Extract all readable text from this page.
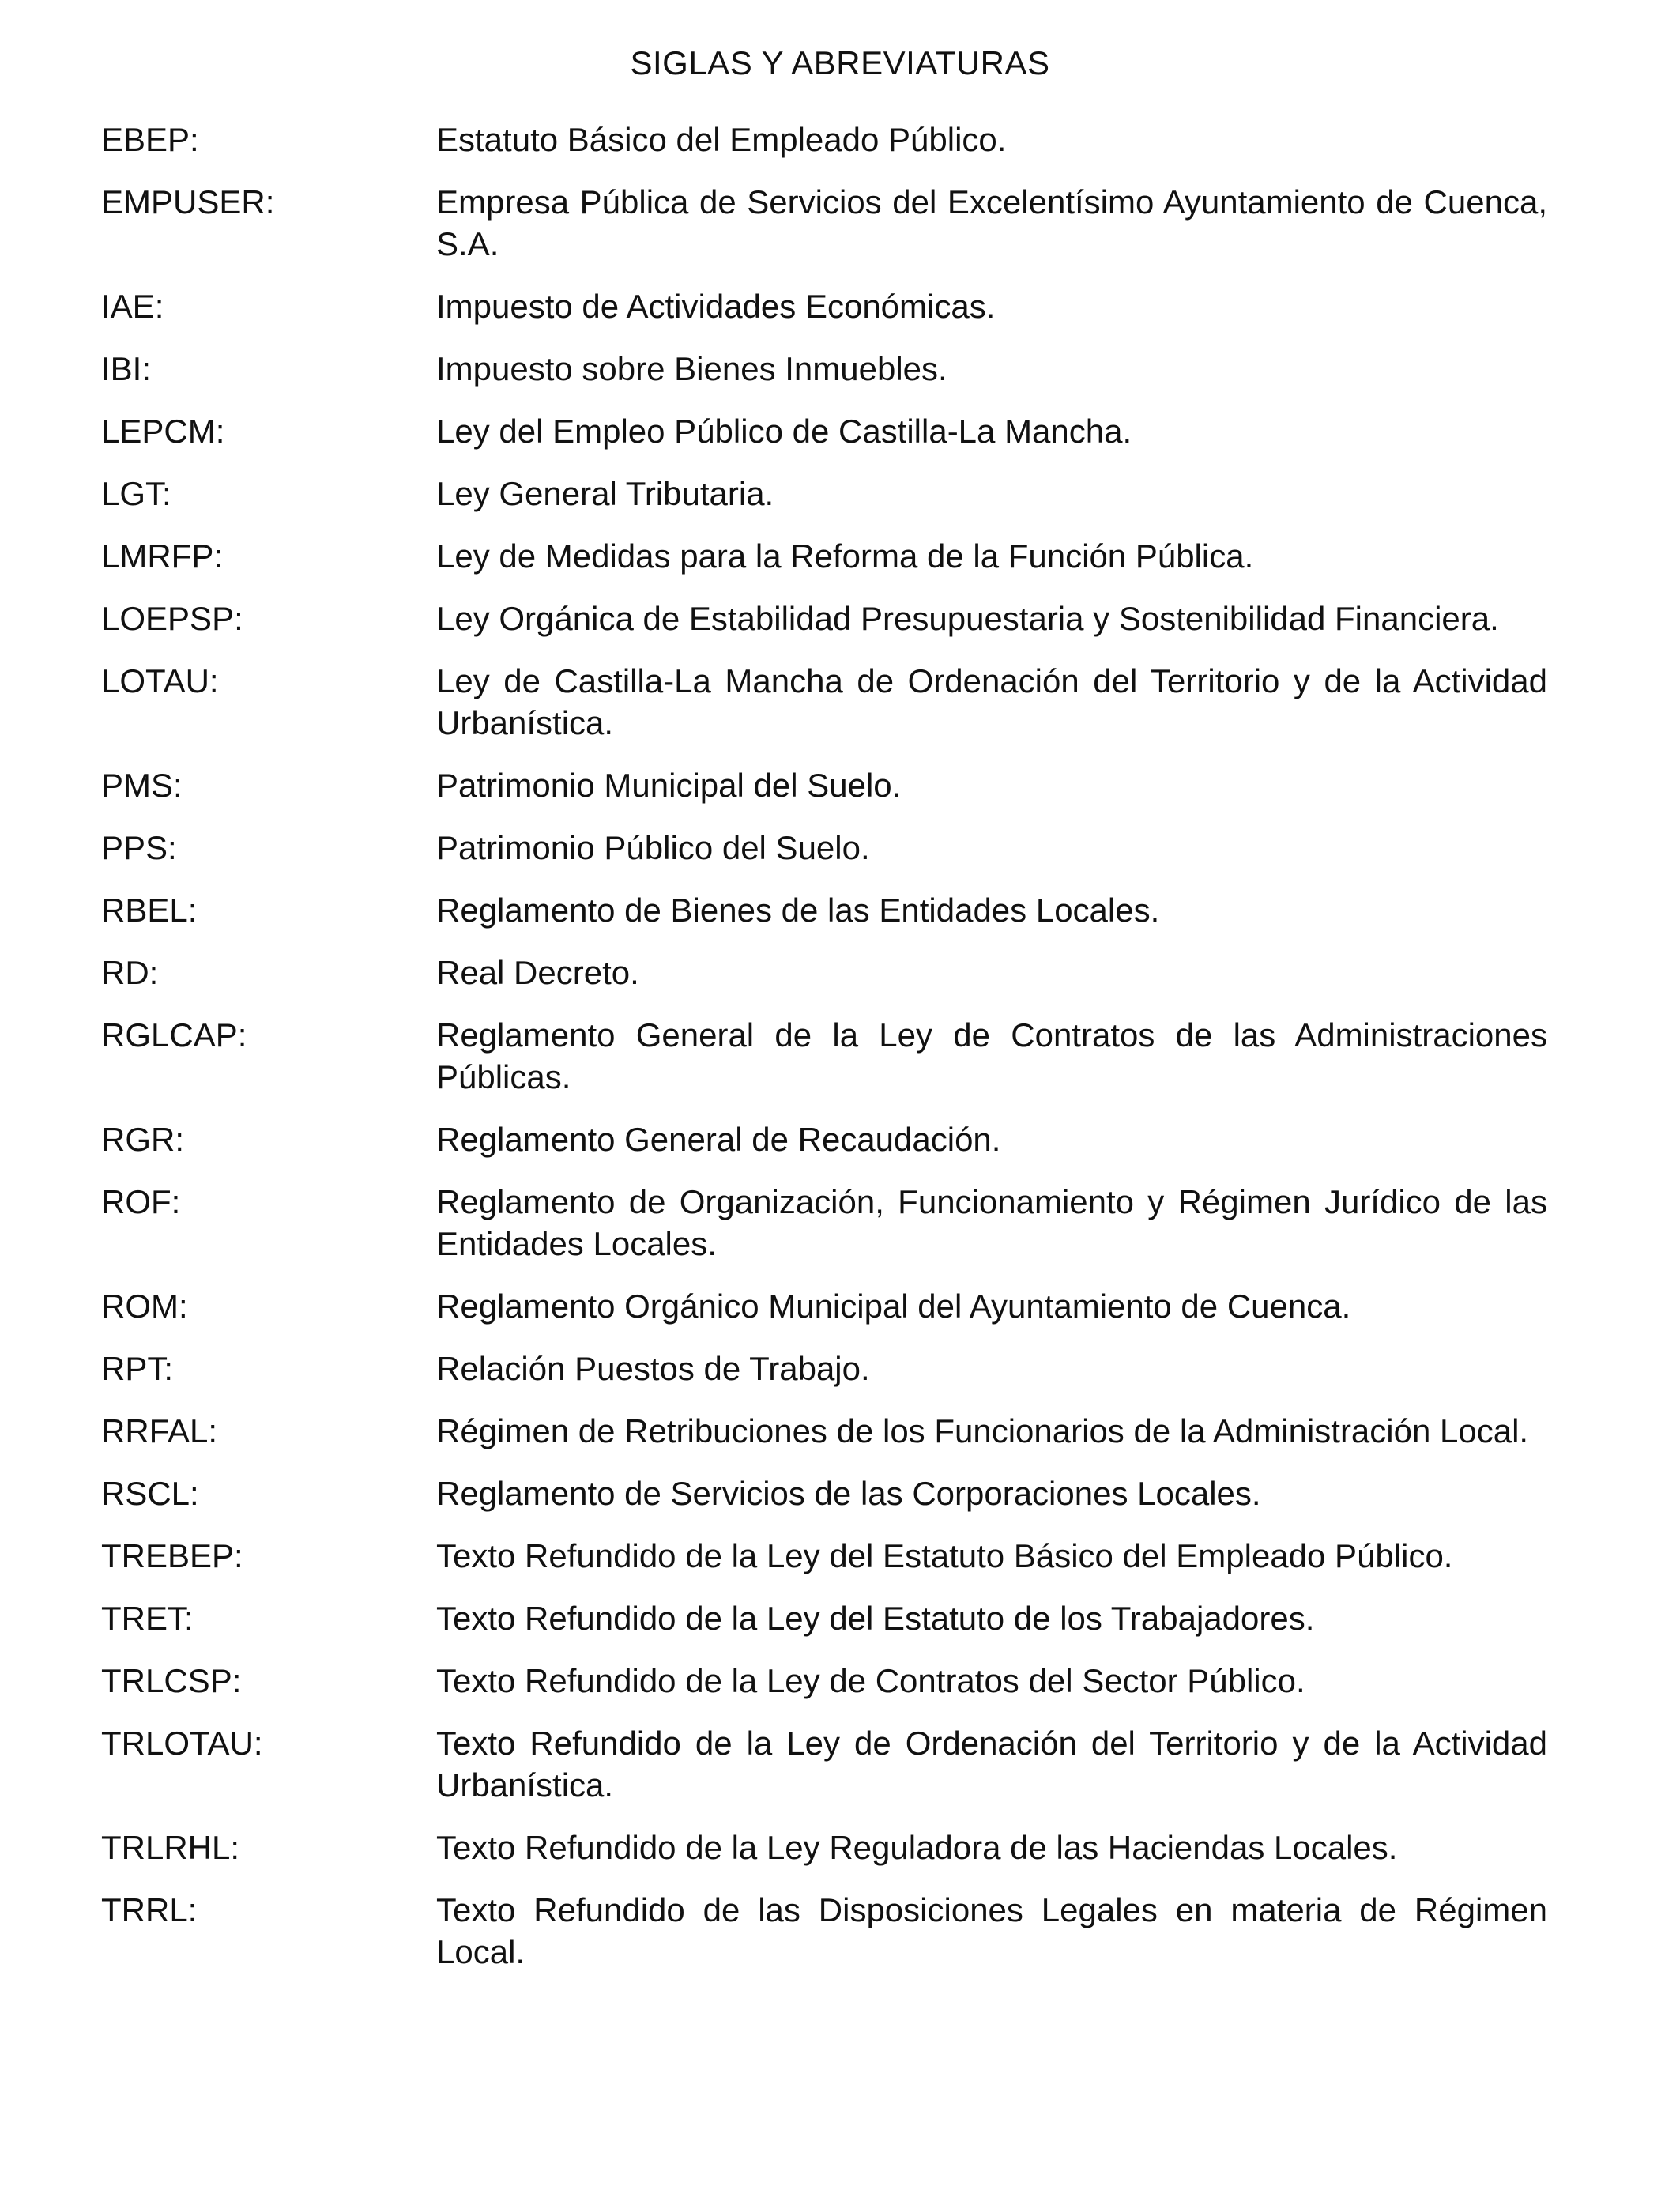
SIGLAS Y ABREVIATURAS
EBEP:	Estatuto Básico del Empleado Público.
EMPUSER:	Empresa Pública de Servicios del Excelentísimo Ayuntamiento de Cuenca, S.A.
IAE:	Impuesto de Actividades Económicas.
IBI:	Impuesto sobre Bienes Inmuebles.
LEPCM:	Ley del Empleo Público de Castilla-La Mancha.
LGT:	Ley General Tributaria.
LMRFP:	Ley de Medidas para la Reforma de la Función Pública.
LOEPSP:	Ley Orgánica de Estabilidad Presupuestaria y Sostenibilidad Financiera.
LOTAU:	Ley de Castilla-La Mancha de Ordenación del Territorio y de la Actividad Urbanística.
PMS:	Patrimonio Municipal del Suelo.
PPS:	Patrimonio Público del Suelo.
RBEL:	Reglamento de Bienes de las Entidades Locales.
RD:	Real Decreto.
RGLCAP:	Reglamento General de la Ley de Contratos de las Administraciones Públicas.
RGR:	Reglamento General de Recaudación.
ROF:	Reglamento de Organización, Funcionamiento y Régimen Jurídico de las Entidades Locales.
ROM:	Reglamento Orgánico Municipal del Ayuntamiento de Cuenca.
RPT:	Relación Puestos de Trabajo.
RRFAL:	Régimen de Retribuciones de los Funcionarios de la Administración Local.
RSCL:	Reglamento de Servicios de las Corporaciones Locales.
TREBEP:	Texto Refundido de la Ley del Estatuto Básico del Empleado Público.
TRET:	Texto Refundido de la Ley del Estatuto de los Trabajadores.
TRLCSP:	Texto Refundido de la Ley de Contratos del Sector Público.
TRLOTAU:	Texto Refundido de la Ley de Ordenación del Territorio y de la Actividad Urbanística.
TRLRHL:	Texto Refundido de la Ley Reguladora de las Haciendas Locales.
TRRL:	Texto Refundido de las Disposiciones Legales en materia de Régimen Local.
